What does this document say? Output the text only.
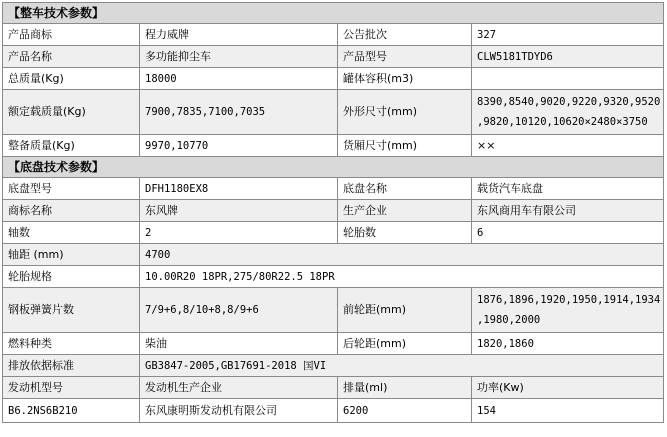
【整车技术参数】			
产品商标	程力威牌	公告批次	327
产品名称	多功能抑尘车	产品型号	CLW5181TDYD6
总质量(Kg)	18000	罐体容积(m3)	
额定载质量(Kg)	7900,7835,7100,7035	外形尺寸(mm)	8390,8540,9020,9220,9320,9520
,9820,10120,10620×2480×3750

整备质量(Kg)	9970,10770	货厢尺寸(mm)	××
【底盘技术参数】			
底盘型号	DFH1180EX8	底盘名称	载货汽车底盘
商标名称	东风牌	生产企业	东风商用车有限公司
轴数	2	轮胎数	6
轴距 (mm)	4700		
轮胎规格	10.00R20 18PR,275/80R22.5 18PR		
钢板弹簧片数	7/9+6,8/10+8,8/9+6	前轮距(mm)	1876,1896,1920,1950,1914,1934
,1980,2000

燃料种类	柴油	后轮距(mm)	1820,1860
排放依据标准	GB3847-2005,GB17691-2018 国VI		
发动机型号	发动机生产企业	排量(ml)	功率(Kw)
B6.2NS6B210	东风康明斯发动机有限公司	6200	154
